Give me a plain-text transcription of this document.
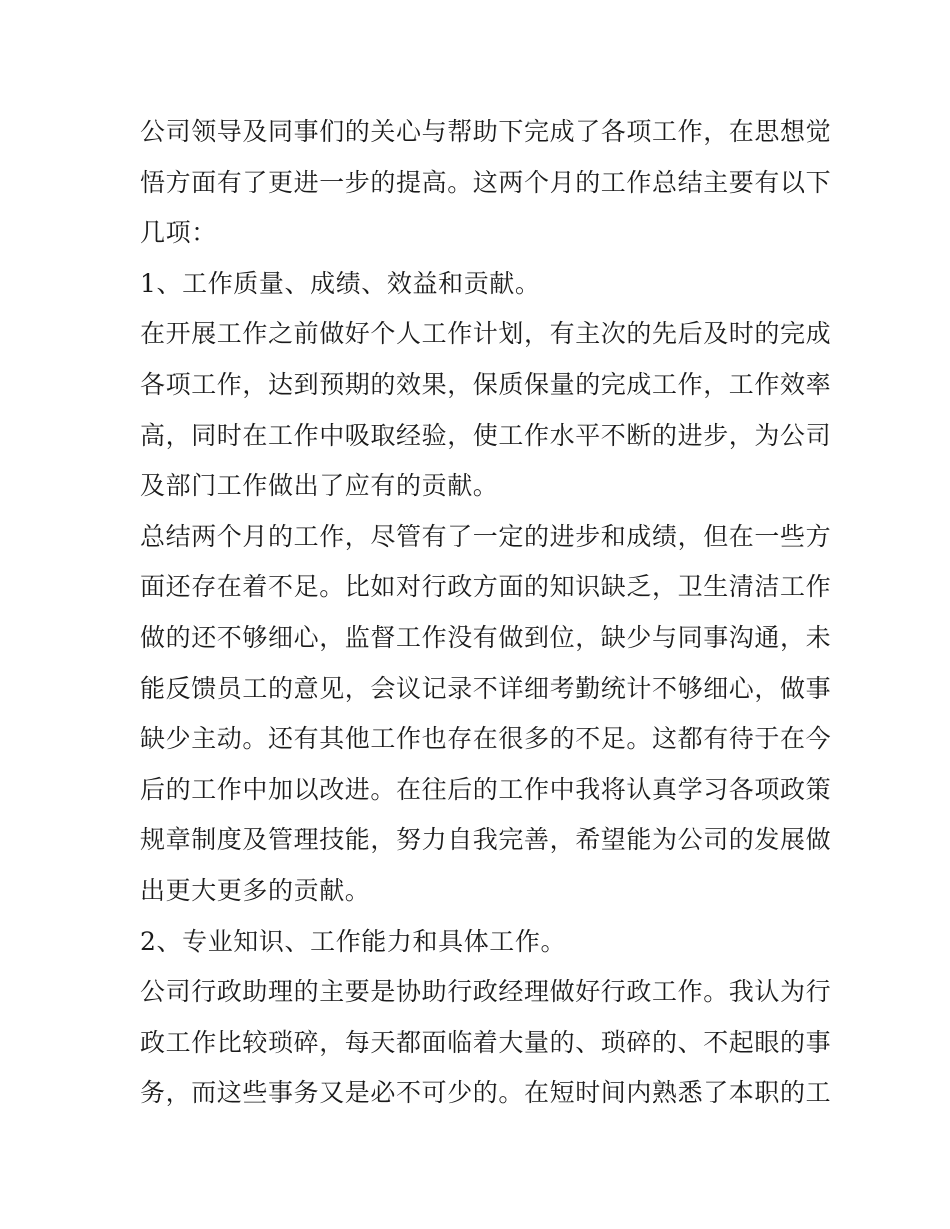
公司领导及同事们的关心与帮助下完成了各项工作，在思想觉
悟方面有了更进一步的提高。这两个月的工作总结主要有以下
几项：
1、工作质量、成绩、效益和贡献。
在开展工作之前做好个人工作计划，有主次的先后及时的完成
各项工作，达到预期的效果，保质保量的完成工作，工作效率
高，同时在工作中吸取经验，使工作水平不断的进步，为公司
及部门工作做出了应有的贡献。
总结两个月的工作，尽管有了一定的进步和成绩，但在一些方
面还存在着不足。比如对行政方面的知识缺乏，卫生清洁工作
做的还不够细心，监督工作没有做到位，缺少与同事沟通，未
能反馈员工的意见，会议记录不详细考勤统计不够细心，做事
缺少主动。还有其他工作也存在很多的不足。这都有待于在今
后的工作中加以改进。在往后的工作中我将认真学习各项政策
规章制度及管理技能，努力自我完善，希望能为公司的发展做
出更大更多的贡献。
2、专业知识、工作能力和具体工作。
公司行政助理的主要是协助行政经理做好行政工作。我认为行
政工作比较琐碎，每天都面临着大量的、琐碎的、不起眼的事
务，而这些事务又是必不可少的。在短时间内熟悉了本职的工
